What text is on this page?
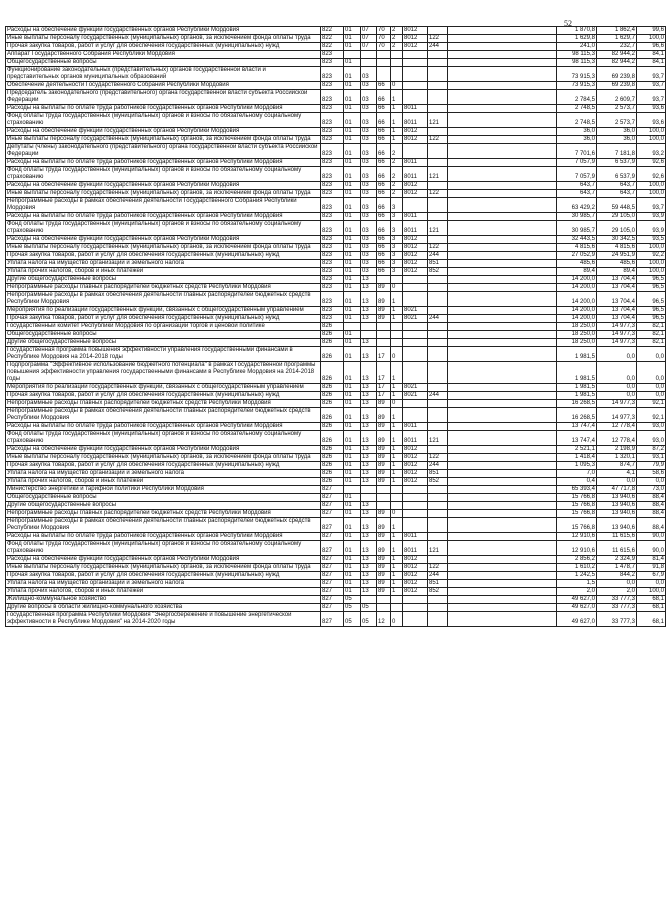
52
Расходы на обеспечение функций государственных органов Республики Мордовия	822	01	07	70	2	8012			1 870,8	1 862,4	99,6
Иные выплаты персоналу государственных (муниципальных) органов, за исключением фонда оплаты труда	822	01	07	70	2	8012	122		1 629,8	1 629,7	100,0
Прочая закупка товаров, работ и услуг для обеспечения государственных (муниципальных) нужд	822	01	07	70	2	8012	244		241,0	232,7	96,6
Аппарат Государственного Собрания Республики Мордовия	823								98 115,3	82 944,2	84,1
Общегосударственные вопросы	823	01							98 115,3	82 944,2	84,1
Функционирование законодательных (представительных) органов государственной власти и представительных органов муниципальных образований	823	01	03						73 915,3	69 239,8	93,7
Обеспечение деятельности Государственного Собрания Республики Мордовия	823	01	03	66	0				73 915,3	69 239,8	93,7
Председатель законодательного (представительного) органа государственной власти субъекта Российской Федерации	823	01	03	66	1				2 784,5	2 609,7	93,7
Расходы на выплаты по оплате труда работников государственных органов Республики Мордовия	823	01	03	66	1	8011			2 748,5	2 573,7	93,6
Фонд оплаты труда государственных (муниципальных) органов и взносы по обязательному социальному страхованию	823	01	03	66	1	8011	121		2 748,5	2 573,7	93,6
Расходы на обеспечение функций государственных органов Республики Мордовия	823	01	03	66	1	8012			36,0	36,0	100,0
Иные выплаты персоналу государственных (муниципальных) органов, за исключением фонда оплаты труда	823	01	03	66	1	8012	122		36,0	36,0	100,0
Депутаты (члены) законодательного (представительного) органа государственной власти субъекта Российской Федерации	823	01	03	66	2				7 701,6	7 181,8	93,2
Расходы на выплаты по оплате труда работников государственных органов Республики Мордовия	823	01	03	66	2	8011			7 057,9	6 537,9	92,6
Фонд оплаты труда государственных (муниципальных) органов и взносы по обязательному социальному страхованию	823	01	03	66	2	8011	121		7 057,9	6 537,9	92,6
Расходы на обеспечение функций государственных органов Республики Мордовия	823	01	03	66	2	8012			643,7	643,7	100,0
Иные выплаты персоналу государственных (муниципальных) органов, за исключением фонда оплаты труда	823	01	03	66	2	8012	122		643,7	643,7	100,0
Непрограммные расходы в рамках обеспечения деятельности Государственного Собрания Республики Мордовия	823	01	03	66	3				63 429,2	59 448,5	93,7
Расходы на выплаты по оплате труда работников государственных органов Республики Мордовия	823	01	03	66	3	8011			30 985,7	29 105,0	93,9
Фонд оплаты труда государственных (муниципальных) органов и взносы по обязательному социальному страхованию	823	01	03	66	3	8011	121		30 985,7	29 105,0	93,9
Расходы на обеспечение функций государственных органов Республики Мордовия	823	01	03	66	3	8012			32 443,5	30 342,5	93,5
Иные выплаты персоналу государственных (муниципальных) органов, за исключением фонда оплаты труда	823	01	03	66	3	8012	122		4 815,6	4 815,6	100,0
Прочая закупка товаров, работ и услуг для обеспечения государственных (муниципальных) нужд	823	01	03	66	3	8012	244		27 052,9	24 951,9	92,2
Уплата налога на имущество организаций и земельного налога	823	01	03	66	3	8012	851		485,6	485,6	100,0
Уплата прочих налогов, сборов и иных платежей	823	01	03	66	3	8012	852		89,4	89,4	100,0
Другие общегосударственные вопросы	823	01	13						14 200,0	13 704,4	96,5
Непрограммные расходы главных распорядителей бюджетных средств Республики Мордовия	823	01	13	89	0				14 200,0	13 704,4	96,5
Непрограммные расходы в рамках обеспечения деятельности главных распорядителей бюджетных средств Республики Мордовия	823	01	13	89	1				14 200,0	13 704,4	96,5
Мероприятия по реализации государственных функций, связанных с общегосударственным управлением	823	01	13	89	1	8021			14 200,0	13 704,4	96,5
Прочая закупка товаров, работ и услуг для обеспечения государственных (муниципальных) нужд	823	01	13	89	1	8021	244		14 200,0	13 704,4	96,5
Государственный комитет Республики Мордовия по организации торгов и ценовой политике	826								18 250,0	14 977,3	82,1
Общегосударственные вопросы	826	01							18 250,0	14 977,3	82,1
Другие общегосударственные вопросы	826	01	13						18 250,0	14 977,3	82,1
Государственная программа повышения эффективности управления государственными финансами в Республике Мордовия на 2014-2018 годы	826	01	13	17	0				1 981,5	0,0	0,0
Подпрограмма "Эффективное использование бюджетного потенциала" в рамках Государственной программы повышения эффективности управления государственными финансами в Республике Мордовия на 2014-2018 годы	826	01	13	17	1				1 981,5	0,0	0,0
Мероприятия по реализации государственных функций, связанных с общегосударственным управлением	826	01	13	17	1	8021			1 981,5	0,0	0,0
Прочая закупка товаров, работ и услуг для обеспечения государственных (муниципальных) нужд	826	01	13	17	1	8021	244		1 981,5	0,0	0,0
Непрограммные расходы главных распорядителей бюджетных средств Республики Мордовия	826	01	13	89	0				16 268,5	14 977,3	92,1
Непрограммные расходы в рамках обеспечения деятельности главных распорядителей бюджетных средств Республики Мордовия	826	01	13	89	1				16 268,5	14 977,3	92,1
Расходы на выплаты по оплате труда работников государственных органов Республики Мордовия	826	01	13	89	1	8011			13 747,4	12 778,4	93,0
Фонд оплаты труда государственных (муниципальных) органов и взносы по обязательному социальному страхованию	826	01	13	89	1	8011	121		13 747,4	12 778,4	93,0
Расходы на обеспечение функций государственных органов Республики Мордовия	826	01	13	89	1	8012			2 521,1	2 198,9	87,2
Иные выплаты персоналу государственных (муниципальных) органов, за исключением фонда оплаты труда	826	01	13	89	1	8012	122		1 418,4	1 320,1	93,1
Прочая закупка товаров, работ и услуг для обеспечения государственных (муниципальных) нужд	826	01	13	89	1	8012	244		1 095,3	874,7	79,9
Уплата налога на имущество организаций и земельного налога	826	01	13	89	1	8012	851		7,0	4,1	58,6
Уплата прочих налогов, сборов и иных платежей	826	01	13	89	1	8012	852		0,4	0,0	0,0
Министерство энергетики и тарифной политики Республики Мордовия	827								65 393,4	47 717,8	73,0
Общегосударственные вопросы	827	01							15 766,8	13 940,6	88,4
Другие общегосударственные вопросы	827	01	13						15 766,8	13 940,6	88,4
Непрограммные расходы главных распорядителей бюджетных средств Республики Мордовия	827	01	13	89	0				15 766,8	13 940,6	88,4
Непрограммные расходы в рамках обеспечения деятельности главных распорядителей бюджетных средств Республики Мордовия	827	01	13	89	1				15 766,8	13 940,6	88,4
Расходы на выплаты по оплате труда работников государственных органов Республики Мордовия	827	01	13	89	1	8011			12 910,6	11 615,6	90,0
Фонд оплаты труда государственных (муниципальных) органов и взносы по обязательному социальному страхованию	827	01	13	89	1	8011	121		12 910,6	11 615,6	90,0
Расходы на обеспечение функций государственных органов Республики Мордовия	827	01	13	89	1	8012			2 856,2	2 324,9	81,4
Иные выплаты персоналу государственных (муниципальных) органов, за исключением фонда оплаты труда	827	01	13	89	1	8012	122		1 610,2	1 478,7	91,8
Прочая закупка товаров, работ и услуг для обеспечения государственных (муниципальных) нужд	827	01	13	89	1	8012	244		1 242,5	844,2	67,9
Уплата налога на имущество организаций и земельного налога	827	01	13	89	1	8012	851		1,5	0,0	0,0
Уплата прочих налогов, сборов и иных платежей	827	01	13	89	1	8012	852		2,0	2,0	100,0
Жилищно-коммунальное хозяйство	827	05							49 627,0	33 777,3	68,1
Другие вопросы в области жилищно-коммунального хозяйства	827	05	05						49 627,0	33 777,3	68,1
Государственная программа Республики Мордовия "Энергосбережение и повышение энергетической эффективности в Республике Мордовия" на 2014-2020 годы	827	05	05	12	0				49 627,0	33 777,3	68,1
